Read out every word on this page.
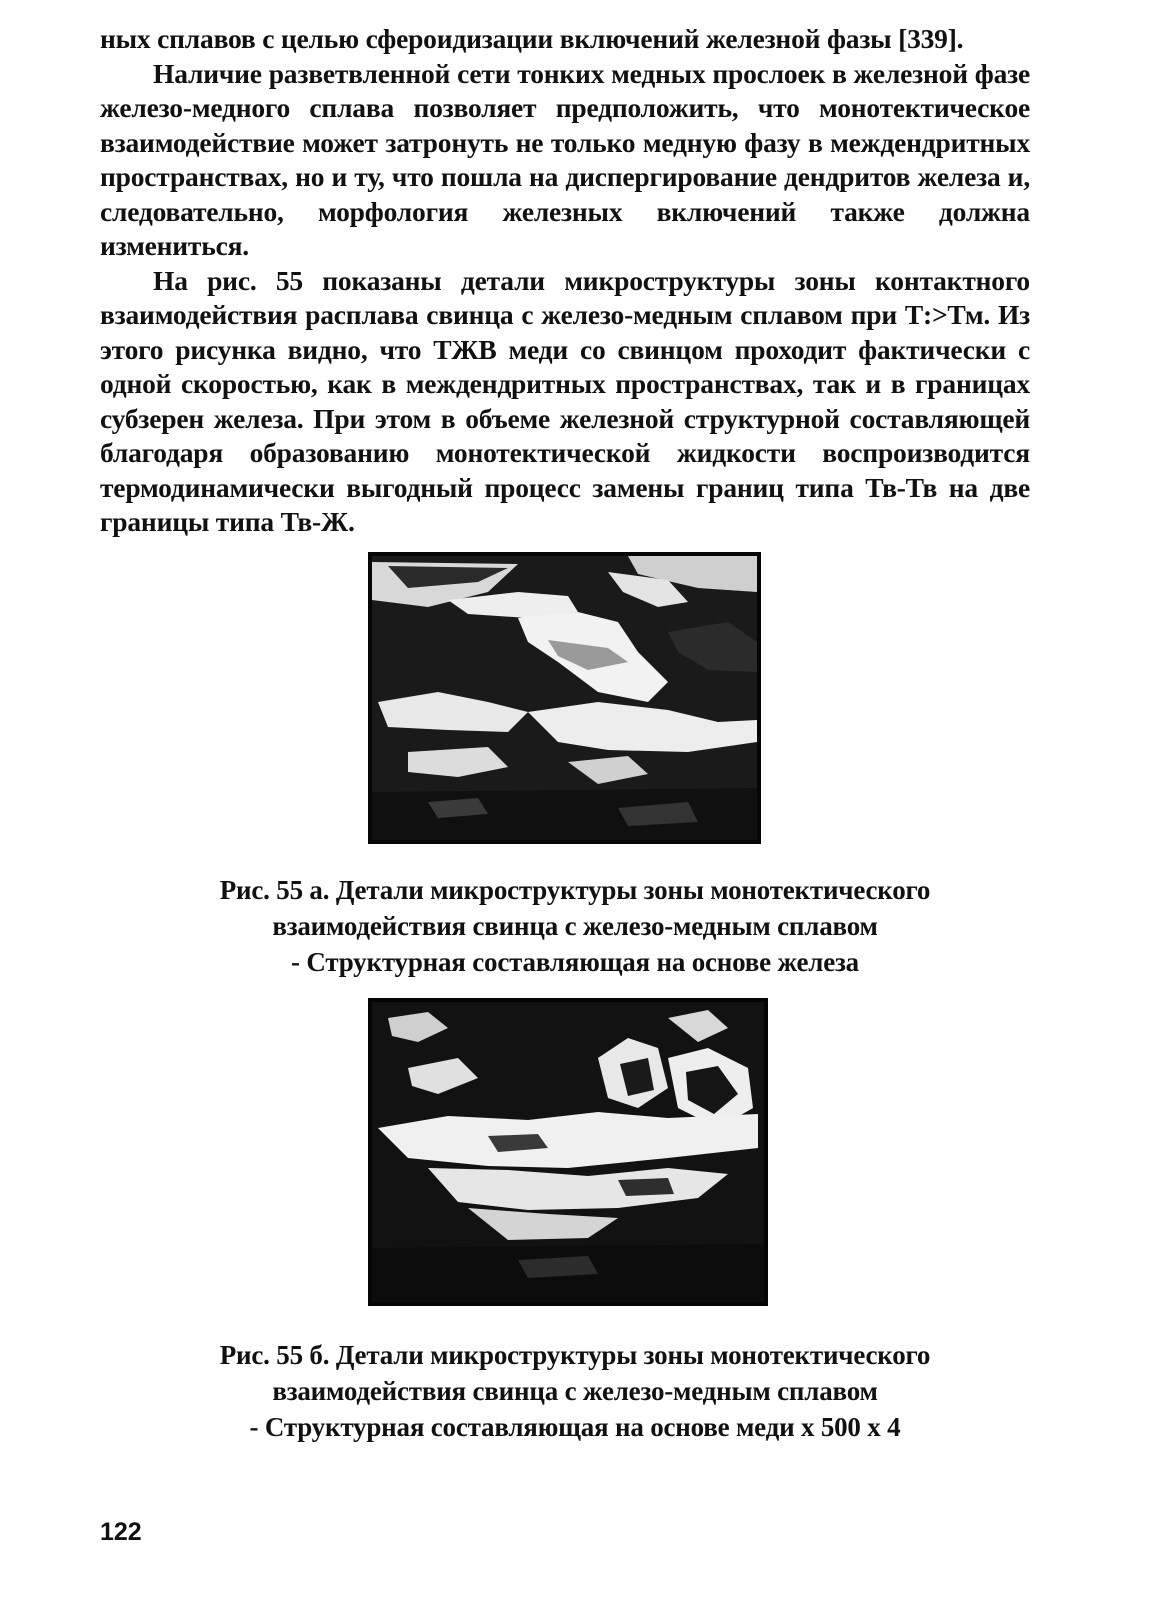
ных сплавов с целью сфероидизации включений железной фазы [339].

Наличие разветвленной сети тонких медных прослоек в железной фазе железо-медного сплава позволяет предположить, что монотектическое взаимодействие может затронуть не только медную фазу в междендритных пространствах, но и ту, что пошла на диспергирование дендритов железа и, следовательно, морфология железных включений также должна измениться.

На рис. 55 показаны детали микроструктуры зоны контактного взаимодействия расплава свинца с железо-медным сплавом при Т:>Тм. Из этого рисунка видно, что ТЖВ меди со свинцом проходит фактически с одной скоростью, как в междендритных пространствах, так и в границах субзерен железа. При этом в объеме железной структурной составляющей благодаря образованию монотектической жидкости воспроизводится термодинамически выгодный процесс замены границ типа Тв-Тв на две границы типа Тв-Ж.

Рис. 55 а. Детали микроструктуры зоны монотектического
взаимодействия свинца с железо-медным сплавом
- Структурная составляющая на основе железа
Рис. 55 б. Детали микроструктуры зоны монотектического
взаимодействия свинца с железо-медным сплавом
- Структурная составляющая на основе меди х 500 х 4
122
